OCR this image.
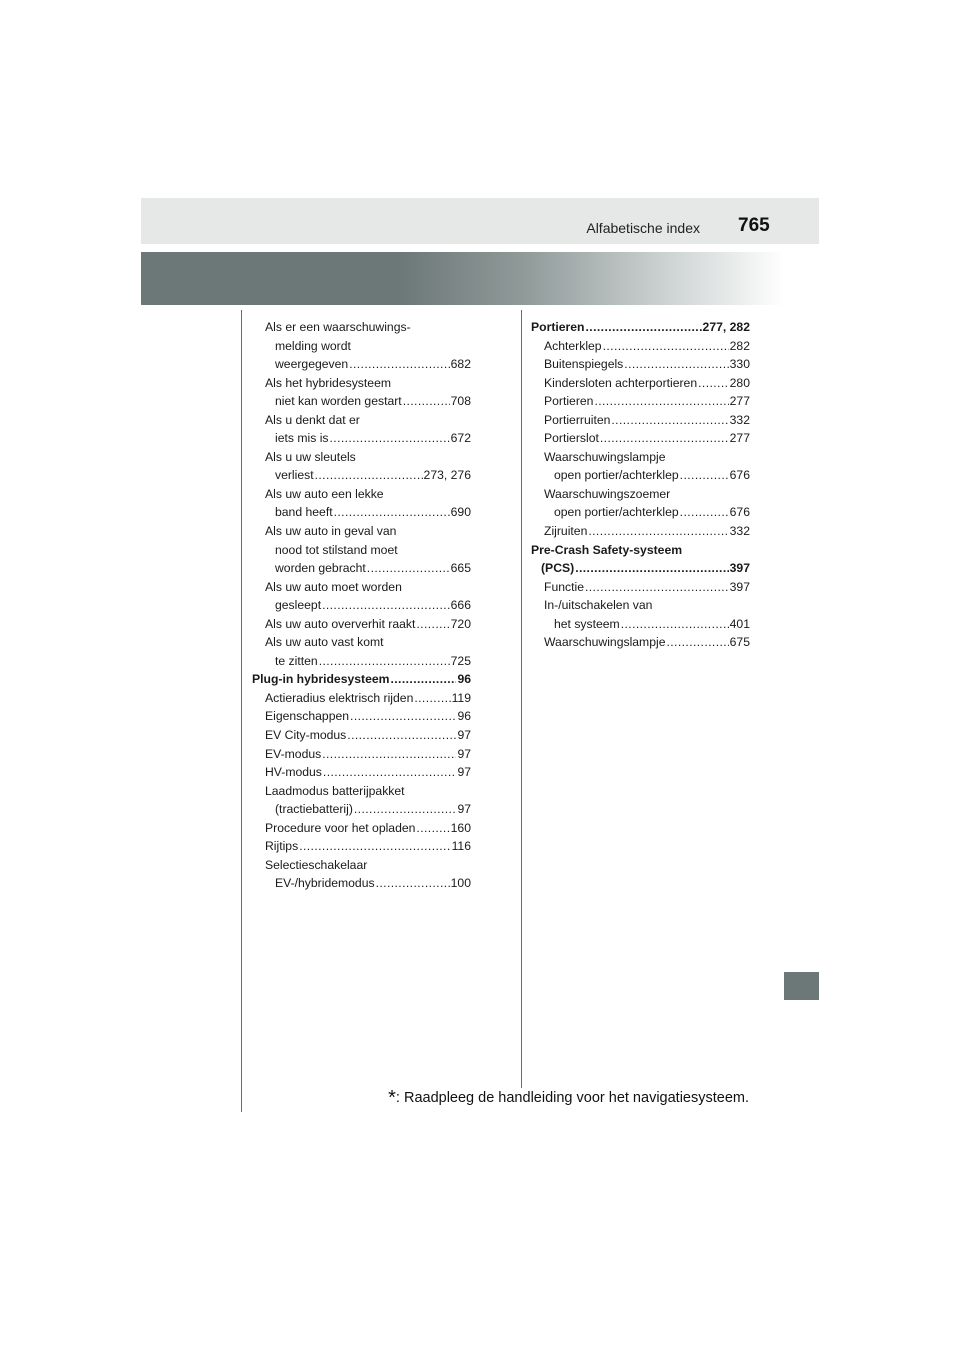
Alfabetische index 765
Als er een waarschuwings-
melding wordt
weergegeven .....	682
Als het hybridesysteem
niet kan worden gestart .....	708
Als u denkt dat er
iets mis is .....	672
Als u uw sleutels
verliest .....	273, 276
Als uw auto een lekke
band heeft .....	690
Als uw auto in geval van
nood tot stilstand moet
worden gebracht .....	665
Als uw auto moet worden
gesleept .....	666
Als uw auto oververhit raakt .....	720
Als uw auto vast komt
te zitten .....	725
Plug-in hybridesysteem .....	96
Actieradius elektrisch rijden .....	119
Eigenschappen .....	96
EV City-modus .....	97
EV-modus .....	97
HV-modus .....	97
Laadmodus batterijpakket
(tractiebatterij) .....	97
Procedure voor het opladen .....	160
Rijtips .....	116
Selectieschakelaar
EV-/hybridemodus .....	100
Portieren .....	277, 282
Achterklep .....	282
Buitenspiegels .....	330
Kindersloten achterportieren .....	280
Portieren .....	277
Portierruiten .....	332
Portierslot .....	277
Waarschuwingslampje
open portier/achterklep .....	676
Waarschuwingszoemer
open portier/achterklep .....	676
Zijruiten .....	332
Pre-Crash Safety-systeem
(PCS) .....	397
Functie .....	397
In-/uitschakelen van
het systeem .....	401
Waarschuwingslampje .....	675
*: Raadpleeg de handleiding voor het navigatiesysteem.
